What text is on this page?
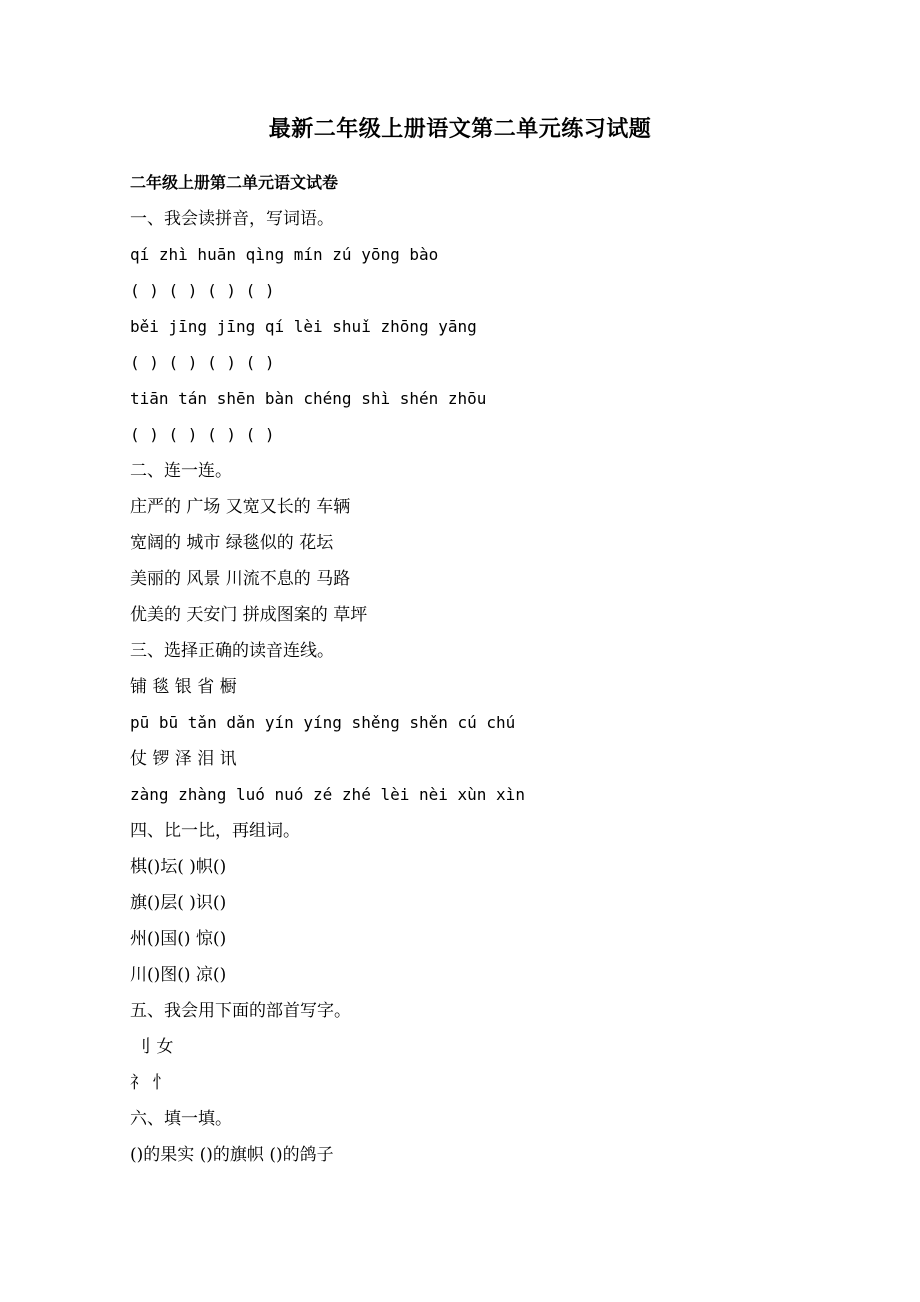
最新二年级上册语文第二单元练习试题
二年级上册第二单元语文试卷
一、我会读拼音，写词语。
qí zhì huān qìng mín zú yōng bào
( ) ( ) ( ) ( )
běi jīng jīng qí lèi shuǐ zhōng yāng
( ) ( ) ( ) ( )
tiān tán shēn bàn chéng shì shén zhōu
( ) ( ) ( ) ( )
二、连一连。
庄严的 广场 又宽又长的 车辆
宽阔的 城市 绿毯似的 花坛
美丽的 风景 川流不息的 马路
优美的 天安门 拼成图案的 草坪
三、选择正确的读音连线。
铺 毯 银 省 橱
pū bū tǎn dǎn yín yíng shěng shěn cú chú
仗 锣 泽 泪 讯
zàng zhàng luó nuó zé zhé lèi nèi xùn xìn
四、比一比，再组词。
棋()坛( )帜()
旗()层( )识()
州()国() 惊()
川()图() 凉()
五、我会用下面的部首写字。
刂 女
礻 忄
六、填一填。
()的果实 ()的旗帜 ()的鸽子
